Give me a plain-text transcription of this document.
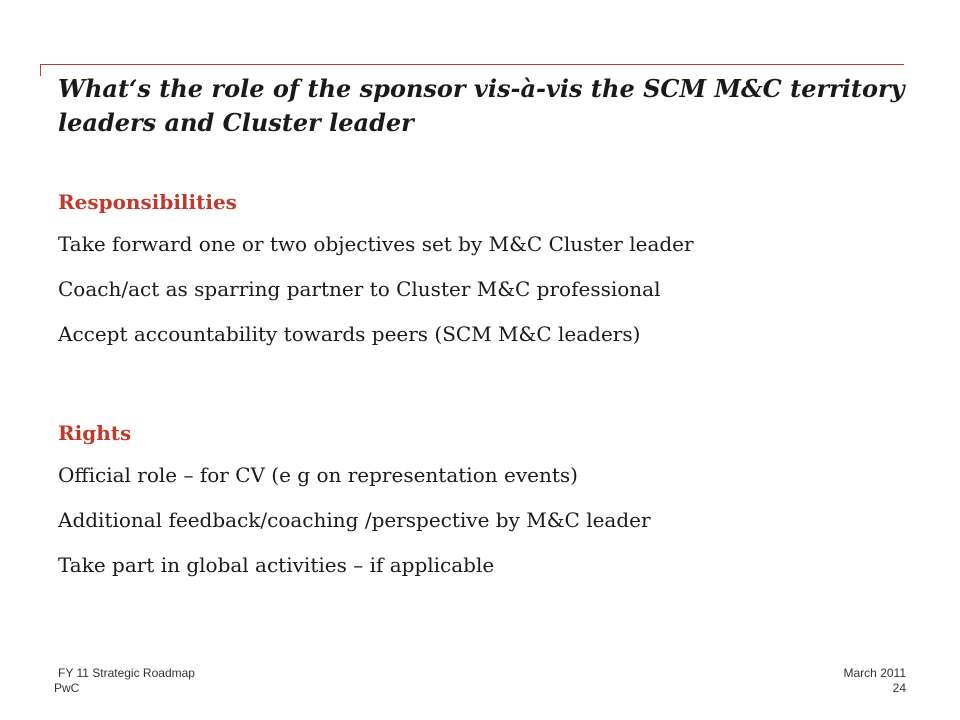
What‘s the role of the sponsor vis-à-vis the SCM M&C territory leaders and Cluster leader
Responsibilities
Take forward one or two objectives set by M&C Cluster leader
Coach/act as sparring partner to Cluster M&C professional
Accept accountability towards peers (SCM M&C leaders)
Rights
Official role – for CV (e g on representation events)
Additional feedback/coaching /perspective by M&C leader
Take part in global activities – if applicable
FY 11 Strategic Roadmap
PwC
March 2011
24
